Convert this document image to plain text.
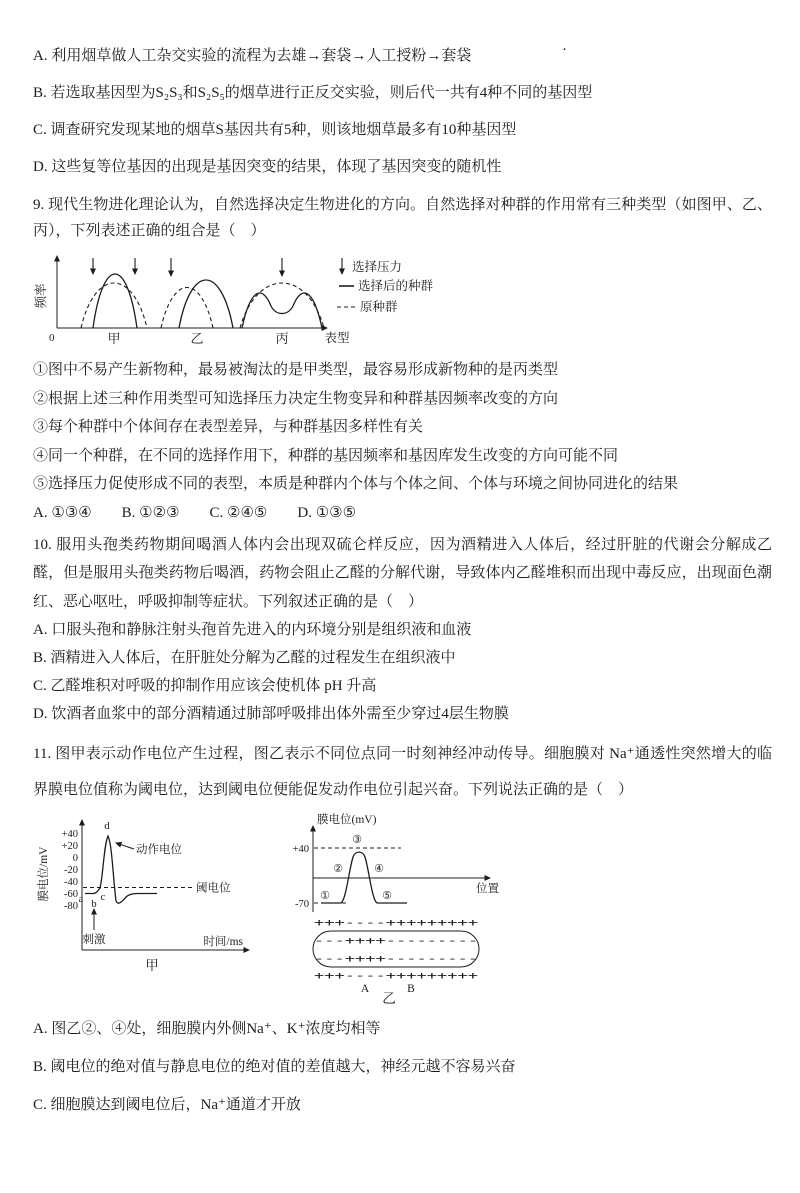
·

A. 利用烟草做人工杂交实验的流程为去雄→套袋→人工授粉→套袋

B. 若选取基因型为S₂S₃和S₂S₅的烟草进行正反交实验，则后代一共有4种不同的基因型

C. 调查研究发现某地的烟草S基因共有5种，则该地烟草最多有10种基因型

D. 这些复等位基因的出现是基因突变的结果，体现了基因突变的随机性

9. 现代生物进化理论认为，自然选择决定生物进化的方向。自然选择对种群的作用常有三种类型（如图甲、乙、丙），下列表述正确的组合是（　）

频率
0
选择压力
选择后的种群
原种群
甲	乙	丙	表型

①图中不易产生新物种，最易被淘汰的是甲类型，最容易形成新物种的是丙类型

②根据上述三种作用类型可知选择压力决定生物变异和种群基因频率改变的方向

③每个种群中个体间存在表型差异，与种群基因多样性有关

④同一个种群，在不同的选择作用下，种群的基因频率和基因库发生改变的方向可能不同

⑤选择压力促使形成不同的表型，本质是种群内个体与个体之间、个体与环境之间协同进化的结果

A. ①③④　　B. ①②③　　C. ②④⑤　　D. ①③⑤

10. 服用头孢类药物期间喝酒人体内会出现双硫仑样反应，因为酒精进入人体后，经过肝脏的代谢会分解成乙醛，但是服用头孢类药物后喝酒，药物会阻止乙醛的分解代谢，导致体内乙醛堆积而出现中毒反应，出现面色潮红、恶心呕吐，呼吸抑制等症状。下列叙述正确的是（　）

A. 口服头孢和静脉注射头孢首先进入的内环境分别是组织液和血液

B. 酒精进入人体后，在肝脏处分解为乙醛的过程发生在组织液中

C. 乙醛堆积对呼吸的抑制作用应该会使机体 pH 升高

D. 饮酒者血浆中的部分酒精通过肺部呼吸排出体外需至少穿过4层生物膜

11. 图甲表示动作电位产生过程，图乙表示不同位点同一时刻神经冲动传导。细胞膜对 Na⁺通透性突然增大的临界膜电位值称为阈电位，达到阈电位便能促发动作电位引起兴奋。下列说法正确的是（　）

膜电位/mV
+40
+20
0
-20
-40
-60
-80
时间/ms
阈电位
d
动作电位
a b
c
刺激
甲
膜电位(mV)
位置
+40
-70
①
②
③
④
⑤
+++----+++++++++
---++++---------
---++++---------
+++----+++++++++
A	B
乙

A. 图乙②、④处，细胞膜内外侧Na⁺、K⁺浓度均相等

B. 阈电位的绝对值与静息电位的绝对值的差值越大，神经元越不容易兴奋

C. 细胞膜达到阈电位后，Na⁺通道才开放
